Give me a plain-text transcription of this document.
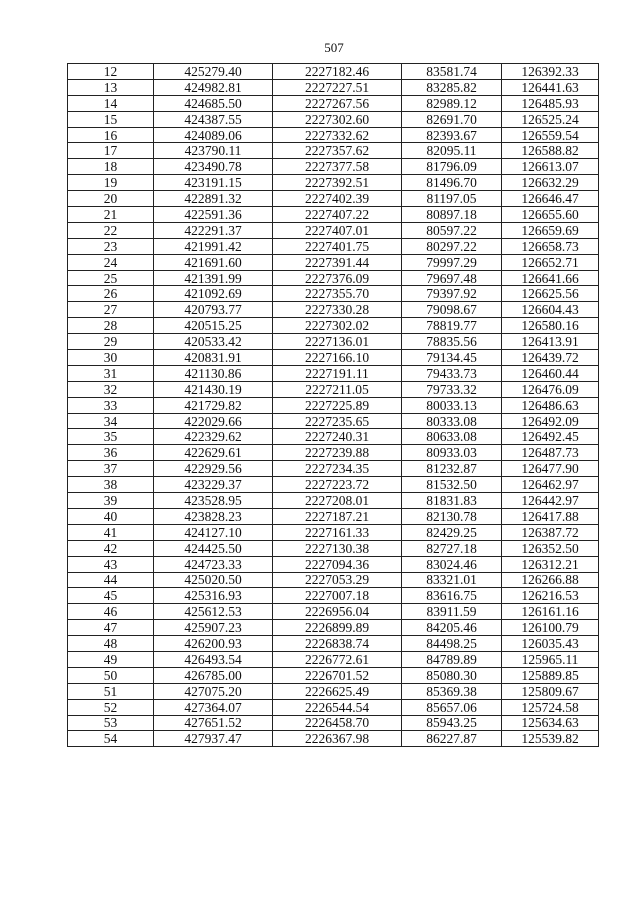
507
12	425279.40	2227182.46	83581.74	126392.33
13	424982.81	2227227.51	83285.82	126441.63
14	424685.50	2227267.56	82989.12	126485.93
15	424387.55	2227302.60	82691.70	126525.24
16	424089.06	2227332.62	82393.67	126559.54
17	423790.11	2227357.62	82095.11	126588.82
18	423490.78	2227377.58	81796.09	126613.07
19	423191.15	2227392.51	81496.70	126632.29
20	422891.32	2227402.39	81197.05	126646.47
21	422591.36	2227407.22	80897.18	126655.60
22	422291.37	2227407.01	80597.22	126659.69
23	421991.42	2227401.75	80297.22	126658.73
24	421691.60	2227391.44	79997.29	126652.71
25	421391.99	2227376.09	79697.48	126641.66
26	421092.69	2227355.70	79397.92	126625.56
27	420793.77	2227330.28	79098.67	126604.43
28	420515.25	2227302.02	78819.77	126580.16
29	420533.42	2227136.01	78835.56	126413.91
30	420831.91	2227166.10	79134.45	126439.72
31	421130.86	2227191.11	79433.73	126460.44
32	421430.19	2227211.05	79733.32	126476.09
33	421729.82	2227225.89	80033.13	126486.63
34	422029.66	2227235.65	80333.08	126492.09
35	422329.62	2227240.31	80633.08	126492.45
36	422629.61	2227239.88	80933.03	126487.73
37	422929.56	2227234.35	81232.87	126477.90
38	423229.37	2227223.72	81532.50	126462.97
39	423528.95	2227208.01	81831.83	126442.97
40	423828.23	2227187.21	82130.78	126417.88
41	424127.10	2227161.33	82429.25	126387.72
42	424425.50	2227130.38	82727.18	126352.50
43	424723.33	2227094.36	83024.46	126312.21
44	425020.50	2227053.29	83321.01	126266.88
45	425316.93	2227007.18	83616.75	126216.53
46	425612.53	2226956.04	83911.59	126161.16
47	425907.23	2226899.89	84205.46	126100.79
48	426200.93	2226838.74	84498.25	126035.43
49	426493.54	2226772.61	84789.89	125965.11
50	426785.00	2226701.52	85080.30	125889.85
51	427075.20	2226625.49	85369.38	125809.67
52	427364.07	2226544.54	85657.06	125724.58
53	427651.52	2226458.70	85943.25	125634.63
54	427937.47	2226367.98	86227.87	125539.82
